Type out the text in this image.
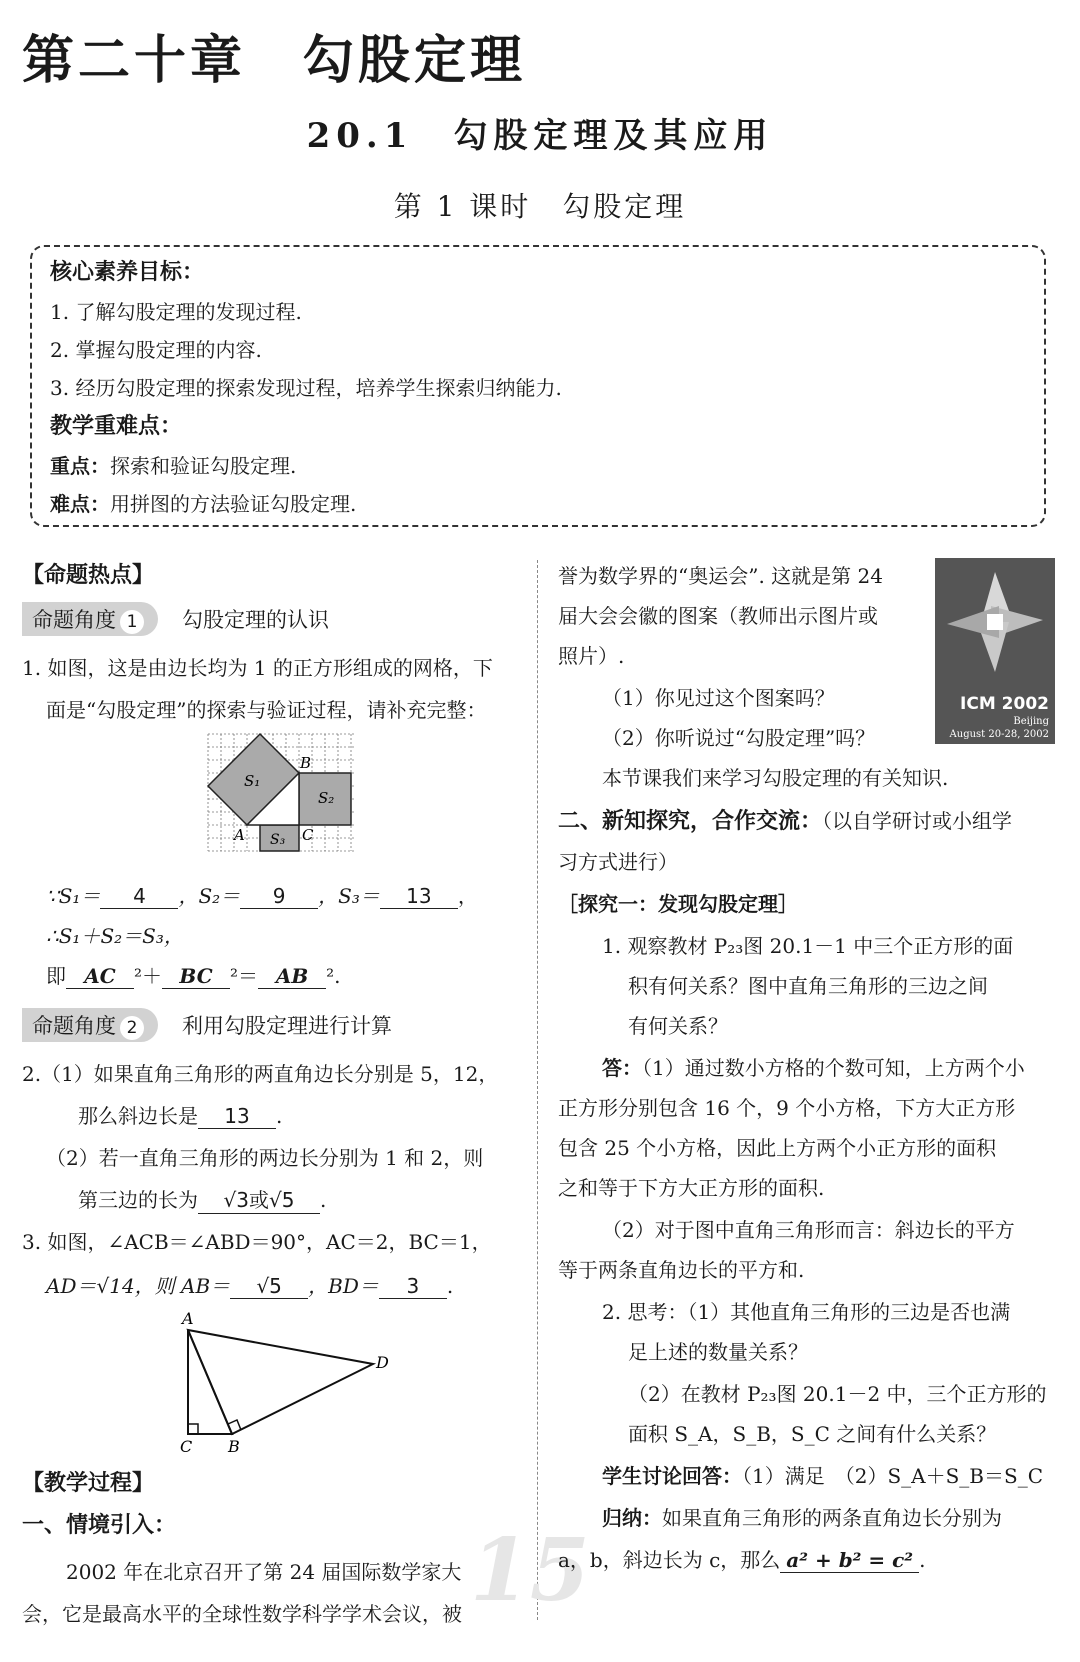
第二十章　勾股定理
20.1　勾股定理及其应用
第 1 课时　勾股定理
核心素养目标：
1. 了解勾股定理的发现过程.
2. 掌握勾股定理的内容.
3. 经历勾股定理的探索发现过程，培养学生探索归纳能力.
教学重难点：
重点：探索和验证勾股定理.
难点：用拼图的方法验证勾股定理.
【命题热点】
命题角度 1 勾股定理的认识
1. 如图，这是由边长均为 1 的正方形组成的网格，下
面是“勾股定理”的探索与验证过程，请补充完整：
S₁
S₂
S₃
A
B
C
∵S₁＝ 4 ，S₂＝ 9 ，S₃＝ 13 ，
∴S₁＋S₂＝S₃，
即 AC ²＋ BC ²＝ AB ².
命题角度 2 利用勾股定理进行计算
2.（1）如果直角三角形的两直角边长分别是 5，12，
那么斜边长是 13 .
（2）若一直角三角形的两边长分别为 1 和 2，则
第三边的长为 √3或√5 .
3. 如图，∠ACB＝∠ABD＝90°，AC＝2，BC＝1，
AD＝√14，则 AB＝ √5 ，BD＝ 3 .
A
C B
D
【教学过程】
一、情境引入：
2002 年在北京召开了第 24 届国际数学家大
会，它是最高水平的全球性数学科学学术会议，被 15
誉为数学界的“奥运会”. 这就是第 24
届大会会徽的图案（教师出示图片或
照片）.
（1）你见过这个图案吗？
（2）你听说过“勾股定理”吗？
本节课我们来学习勾股定理的有关知识.
ICM 2002
Beijing
August 20-28, 2002
二、新知探究，合作交流：（以自学研讨或小组学
习方式进行）
［探究一：发现勾股定理］
1. 观察教材 P₂₃图 20.1－1 中三个正方形的面
积有何关系？图中直角三角形的三边之间
有何关系？
答：（1）通过数小方格的个数可知，上方两个小
正方形分别包含 16 个，9 个小方格，下方大正方形
包含 25 个小方格，因此上方两个小正方形的面积
之和等于下方大正方形的面积.
（2）对于图中直角三角形而言：斜边长的平方
等于两条直角边长的平方和.
2. 思考：（1）其他直角三角形的三边是否也满
足上述的数量关系？
（2）在教材 P₂₃图 20.1－2 中，三个正方形的
面积 S_A，S_B，S_C 之间有什么关系？
学生讨论回答：（1）满足　（2）S_A＋S_B＝S_C
归纳：如果直角三角形的两条直角边长分别为
a，b，斜边长为 c，那么 a² + b² = c² .
